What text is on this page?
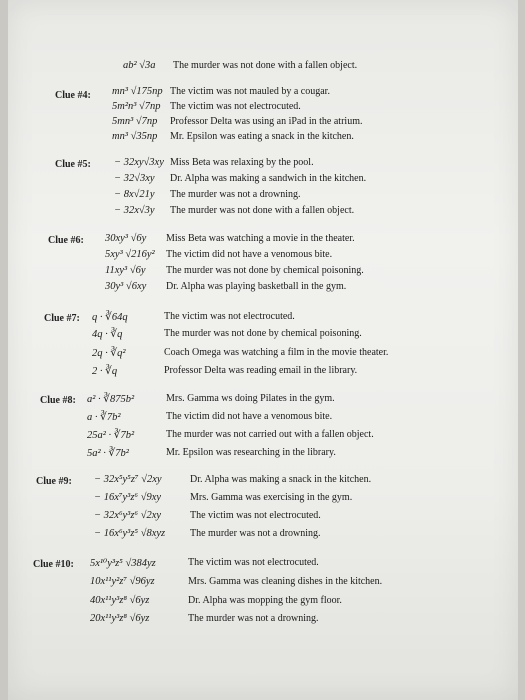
ab² √3a The murder was not done with a fallen object.
Clue #4: mn³ √175np The victim was not mauled by a cougar.
5m²n³ √7np The victim was not electrocuted.
5mn³ √7np Professor Delta was using an iPad in the atrium.
mn³ √35np Mr. Epsilon was eating a snack in the kitchen.
Clue #5: − 32xy√3xy Miss Beta was relaxing by the pool.
− 32√3xy Dr. Alpha was making a sandwich in the kitchen.
− 8x√21y The murder was not a drowning.
− 32x√3y The murder was not done with a fallen object.
Clue #6: 30xy³ √6y Miss Beta was watching a movie in the theater.
5xy³ √216y² The victim did not have a venomous bite.
11xy³ √6y The murder was not done by chemical poisoning.
30y³ √6xy Dr. Alpha was playing basketball in the gym.
Clue #7: q · ∛64q	The victim was not electrocuted.
4q · ∛q	The murder was not done by chemical poisoning.
2q · ∛q²	Coach Omega was watching a film in the movie theater.
2 · ∛q	Professor Delta was reading email in the library.
Clue #8: a² · ∛875b²	Mrs. Gamma ws doing Pilates in the gym.
a · ∛7b²	The victim did not have a venomous bite.
25a² · ∛7b²	The murder was not carried out with a fallen object.
5a² · ∛7b²	Mr. Epsilon was researching in the library.
Clue #9: − 32x⁵y⁵z⁷ √2xy	Dr. Alpha was making a snack in the kitchen.
− 16x⁷y³z⁶ √9xy	Mrs. Gamma was exercising in the gym.
− 32x⁶y³z⁶ √2xy	The victim was not electrocuted.
− 16x⁶y³z⁵ √8xyz The murder was not a drowning.
Clue #10: 5x¹⁰y³z⁵ √384yz	The victim was not electrocuted.
10x¹¹y²z⁷ √96yz	Mrs. Gamma was cleaning dishes in the kitchen.
40x¹¹y³z⁸ √6yz	Dr. Alpha was mopping the gym floor.
20x¹¹y³z⁸ √6yz	The murder was not a drowning.
